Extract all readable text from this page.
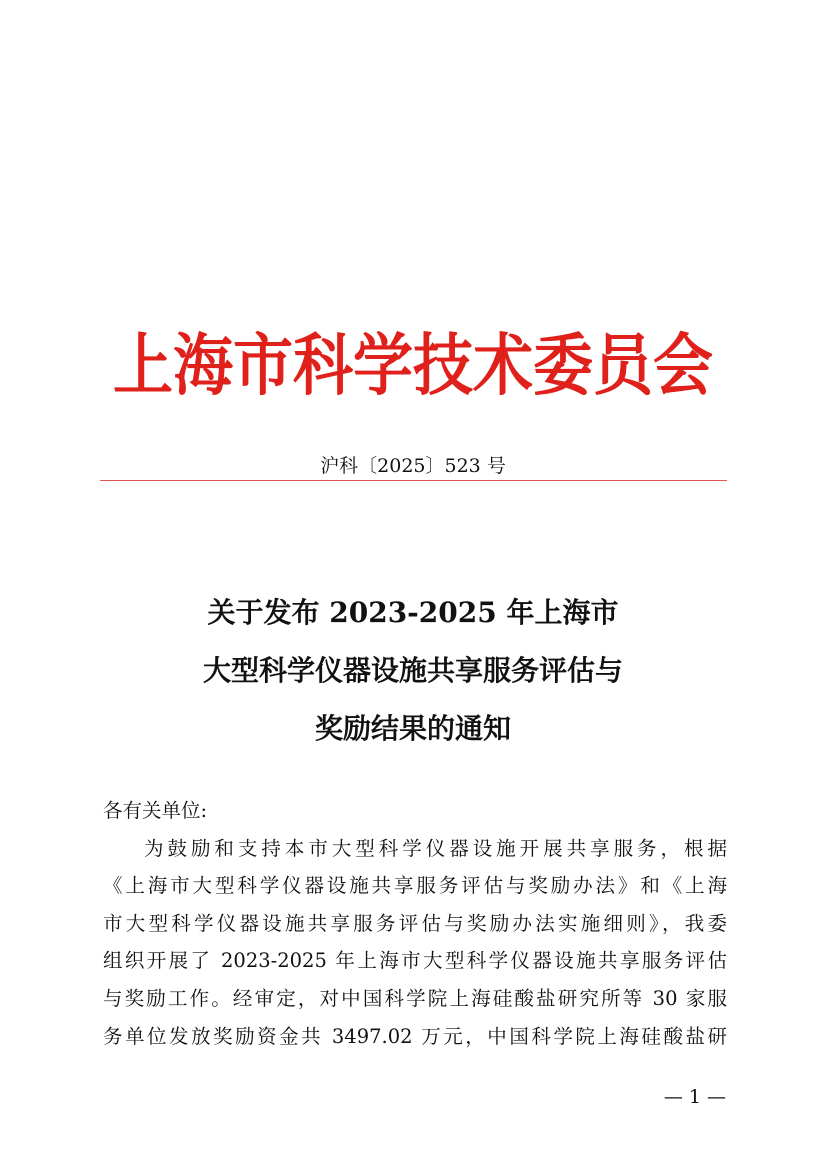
上海市科学技术委员会
沪科〔2025〕523 号
关于发布 2023-2025 年上海市
大型科学仪器设施共享服务评估与
奖励结果的通知
各有关单位:
为鼓励和支持本市大型科学仪器设施开展共享服务，根据
《上海市大型科学仪器设施共享服务评估与奖励办法》和《上海
市大型科学仪器设施共享服务评估与奖励办法实施细则》，我委
组织开展了 2023-2025 年上海市大型科学仪器设施共享服务评估
与奖励工作。经审定，对中国科学院上海硅酸盐研究所等 30 家服
务单位发放奖励资金共 3497.02 万元，中国科学院上海硅酸盐研
— 1 —
